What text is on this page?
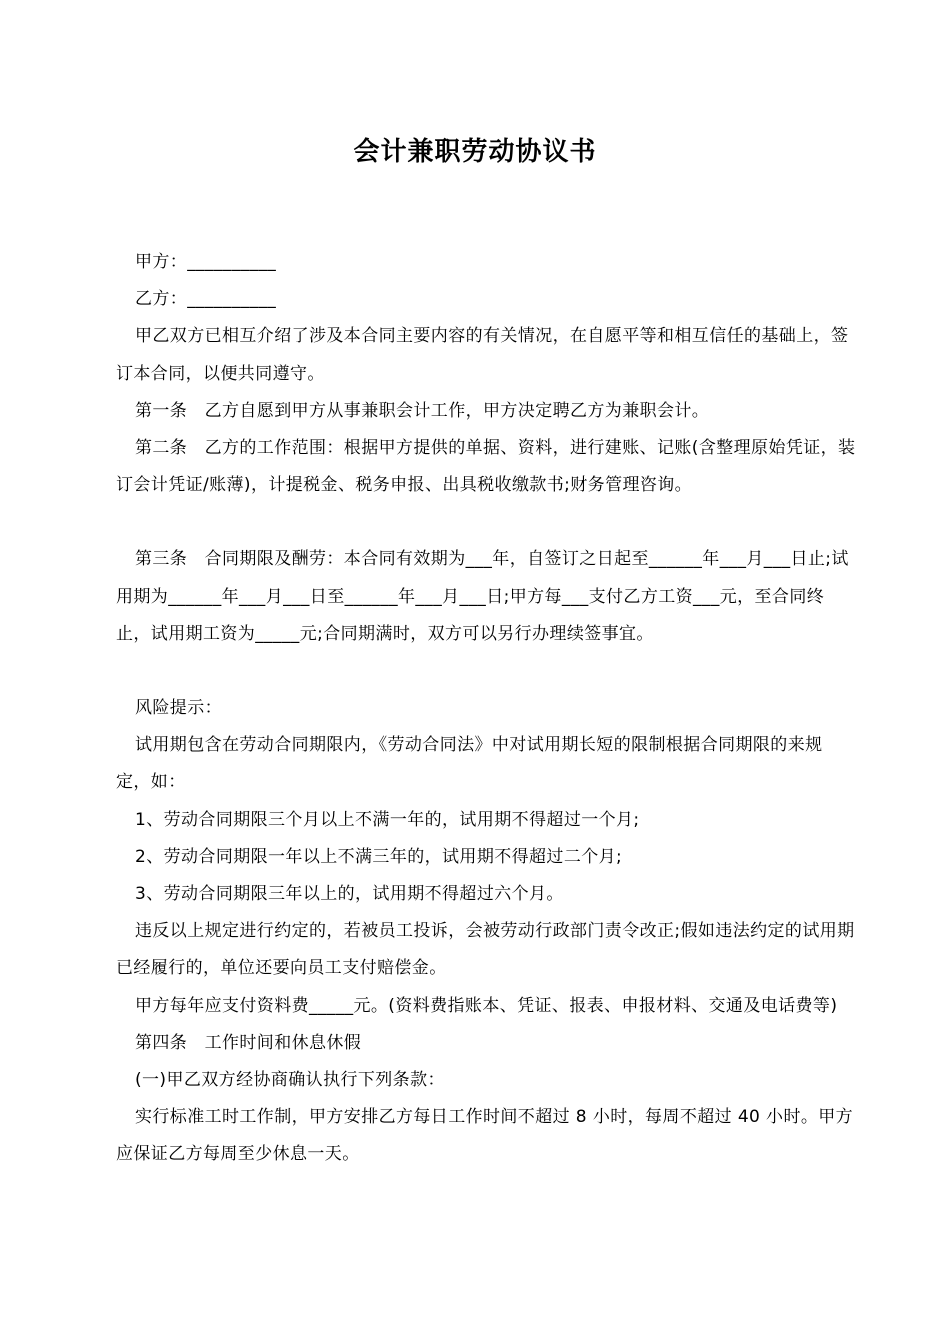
会计兼职劳动协议书

甲方：__________

乙方：__________

甲乙双方已相互介绍了涉及本合同主要内容的有关情况，在自愿平等和相互信任的基础上，签订本合同，以便共同遵守。

第一条　乙方自愿到甲方从事兼职会计工作，甲方决定聘乙方为兼职会计。

第二条　乙方的工作范围：根据甲方提供的单据、资料，进行建账、记账(含整理原始凭证，装订会计凭证/账薄)，计提税金、税务申报、出具税收缴款书;财务管理咨询。

第三条　合同期限及酬劳：本合同有效期为___年，自签订之日起至______年___月___日止;试用期为______年___月___日至______年___月___日;甲方每___支付乙方工资___元，至合同终止，试用期工资为_____元;合同期满时，双方可以另行办理续签事宜。

风险提示：

试用期包含在劳动合同期限内，《劳动合同法》中对试用期长短的限制根据合同期限的来规定，如：

1、劳动合同期限三个月以上不满一年的，试用期不得超过一个月;

2、劳动合同期限一年以上不满三年的，试用期不得超过二个月;

3、劳动合同期限三年以上的，试用期不得超过六个月。

违反以上规定进行约定的，若被员工投诉，会被劳动行政部门责令改正;假如违法约定的试用期已经履行的，单位还要向员工支付赔偿金。

甲方每年应支付资料费_____元。(资料费指账本、凭证、报表、申报材料、交通及电话费等)

第四条　工作时间和休息休假

(一)甲乙双方经协商确认执行下列条款：

实行标准工时工作制，甲方安排乙方每日工作时间不超过 8 小时，每周不超过 40 小时。甲方应保证乙方每周至少休息一天。
